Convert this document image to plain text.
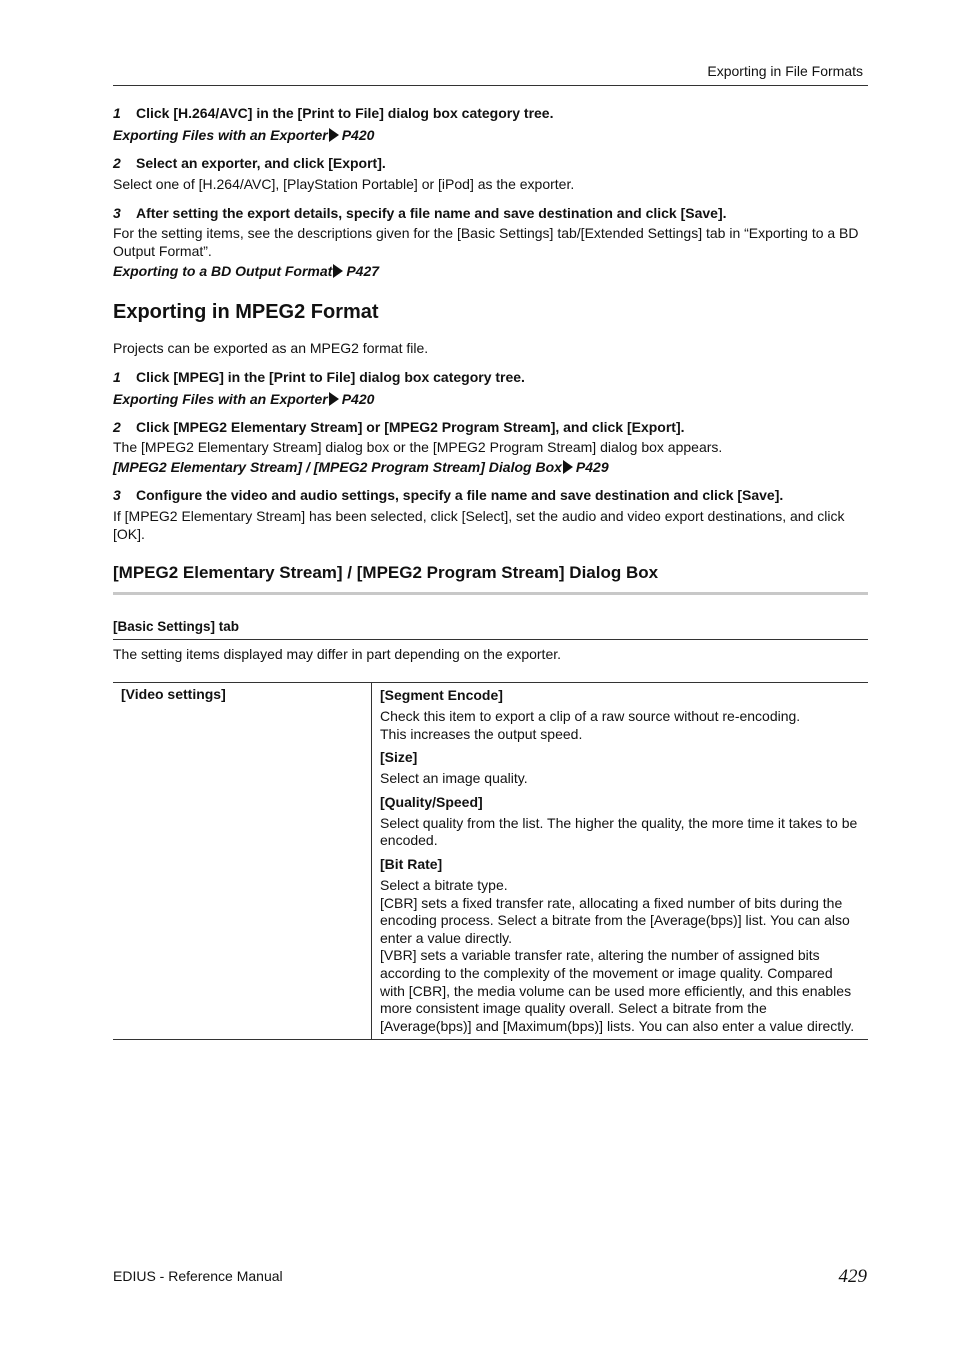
Exporting in File Formats

1 Click [H.264/AVC] in the [Print to File] dialog box category tree.

Exporting Files with an Exporter P420

2 Select an exporter, and click [Export].

Select one of [H.264/AVC], [PlayStation Portable] or [iPod] as the exporter.

3 After setting the export details, specify a file name and save destination and click [Save].

For the setting items, see the descriptions given for the [Basic Settings] tab/[Extended Settings] tab in “Exporting to a BD Output Format”.

Exporting to a BD Output Format P427

Exporting in MPEG2 Format

Projects can be exported as an MPEG2 format file.

1 Click [MPEG] in the [Print to File] dialog box category tree.

Exporting Files with an Exporter P420

2 Click [MPEG2 Elementary Stream] or [MPEG2 Program Stream], and click [Export].

The [MPEG2 Elementary Stream] dialog box or the [MPEG2 Program Stream] dialog box appears.

[MPEG2 Elementary Stream] / [MPEG2 Program Stream] Dialog Box P429

3 Configure the video and audio settings, specify a file name and save destination and click [Save].

If [MPEG2 Elementary Stream] has been selected, click [Select], set the audio and video export destinations, and click [OK].

[MPEG2 Elementary Stream] / [MPEG2 Program Stream] Dialog Box

[Basic Settings] tab

The setting items displayed may differ in part depending on the exporter.

[Video settings]	[Segment Encode]

Check this item to export a clip of a raw source without re-encoding.
This increases the output speed.

[Size]

Select an image quality.

[Quality/Speed]

Select quality from the list. The higher the quality, the more time it takes to be encoded.

[Bit Rate]

Select a bitrate type.
[CBR] sets a fixed transfer rate, allocating a fixed number of bits during the encoding process. Select a bitrate from the [Average(bps)] list. You can also enter a value directly.
[VBR] sets a variable transfer rate, altering the number of assigned bits according to the complexity of the movement or image quality. Compared with [CBR], the media volume can be used more efficiently, and this enables more consistent image quality overall. Select a bitrate from the [Average(bps)] and [Maximum(bps)] lists. You can also enter a value directly.
EDIUS - Reference Manual	429
